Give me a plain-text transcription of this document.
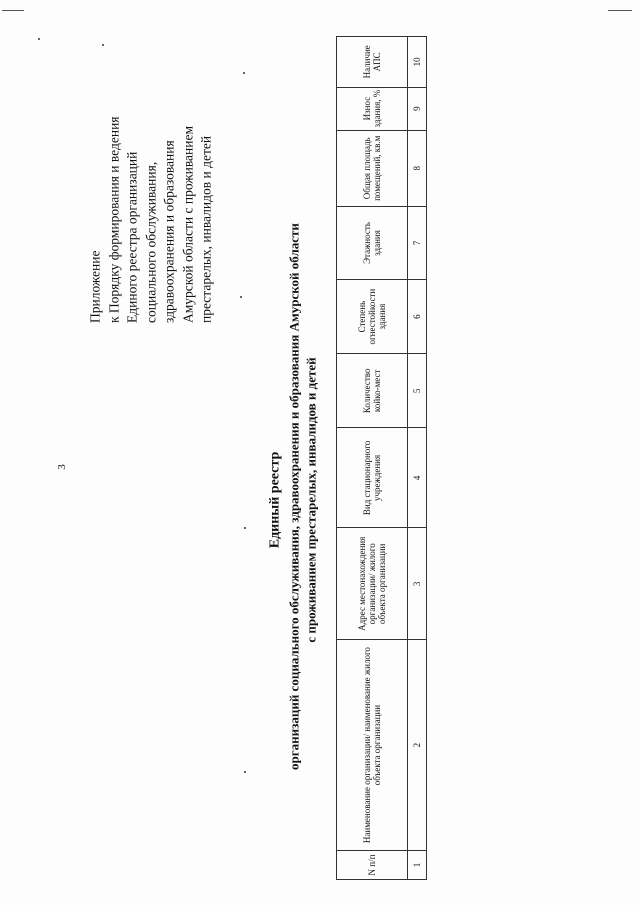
3
Приложение к Порядку формирования и ведения Единого реестра организаций социального обслуживания, здравоохранения и образования Амурской области с проживанием престарелых, инвалидов и детей
Единый реестр организаций социального обслуживания, здравоохранения и образования Амурской области с проживанием престарелых, инвалидов и детей
N п/п	Наименование организации/ наименование жилого объекта организации	Адрес местонахождения организации/ жилого объекта организации	Вид стационарного учреждения	Количество койко-мест	Степень огнестойкости здания	Этажность здания	Общая площадь помещений, кв.м	Износ здания, %	Наличие АПС
1	2	3	4	5	6	7	8	9	10
